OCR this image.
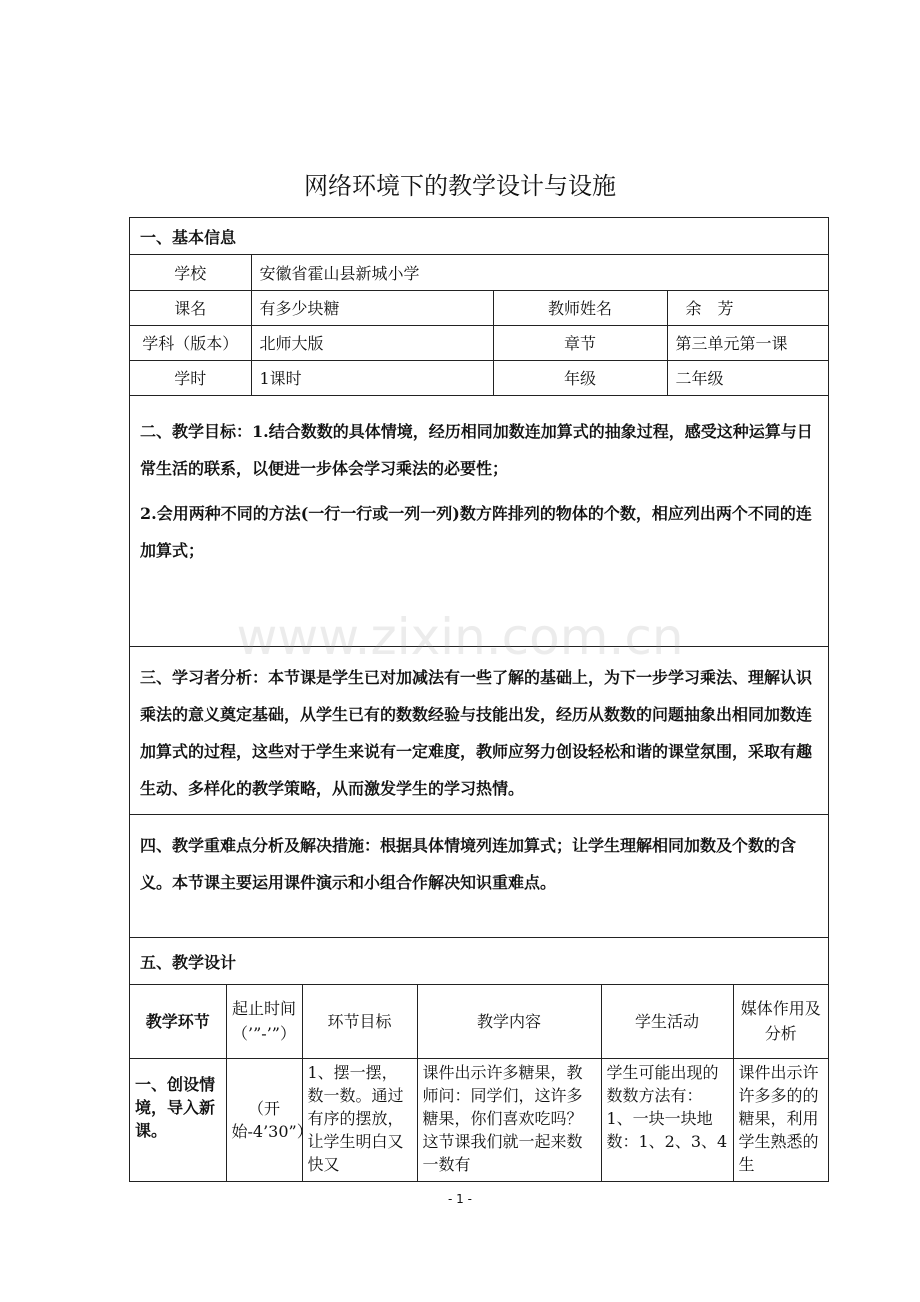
网络环境下的教学设计与设施
一、基本信息
学校	安徽省霍山县新城小学		
课名	有多少块糖	教师姓名	余　芳
学科（版本）	北师大版	章节	第三单元第一课
学时	1课时	年级	二年级

二、教学目标：1.结合数数的具体情境，经历相同加数连加算式的抽象过程，感受这种运算与日常生活的联系，以便进一步体会学习乘法的必要性；

2.会用两种不同的方法(一行一行或一列一列)数方阵排列的物体的个数，相应列出两个不同的连加算式；

三、学习者分析：本节课是学生已对加减法有一些了解的基础上，为下一步学习乘法、理解认识乘法的意义奠定基础，从学生已有的数数经验与技能出发，经历从数数的问题抽象出相同加数连加算式的过程，这些对于学生来说有一定难度，教师应努力创设轻松和谐的课堂氛围，采取有趣生动、多样化的教学策略，从而激发学生的学习热情。

四、教学重难点分析及解决措施：根据具体情境列连加算式；让学生理解相同加数及个数的含义。本节课主要运用课件演示和小组合作解决知识重难点。

五、教学设计
教学环节	起止时间（’”-’”）	环节目标	教学内容	学生活动	媒体作用及分析
一、创设情境，导入新课。	（开始-4’30”）	1、摆一摆，数一数。通过有序的摆放，让学生明白又快又	课件出示许多糖果，教师问：同学们，这许多糖果，你们喜欢吃吗？这节课我们就一起来数一数有	学生可能出现的数数方法有：1、一块一块地数：1、2、3、4	课件出示许许多多的的糖果，利用学生熟悉的生
www.zixin.com.cn
- 1 -
